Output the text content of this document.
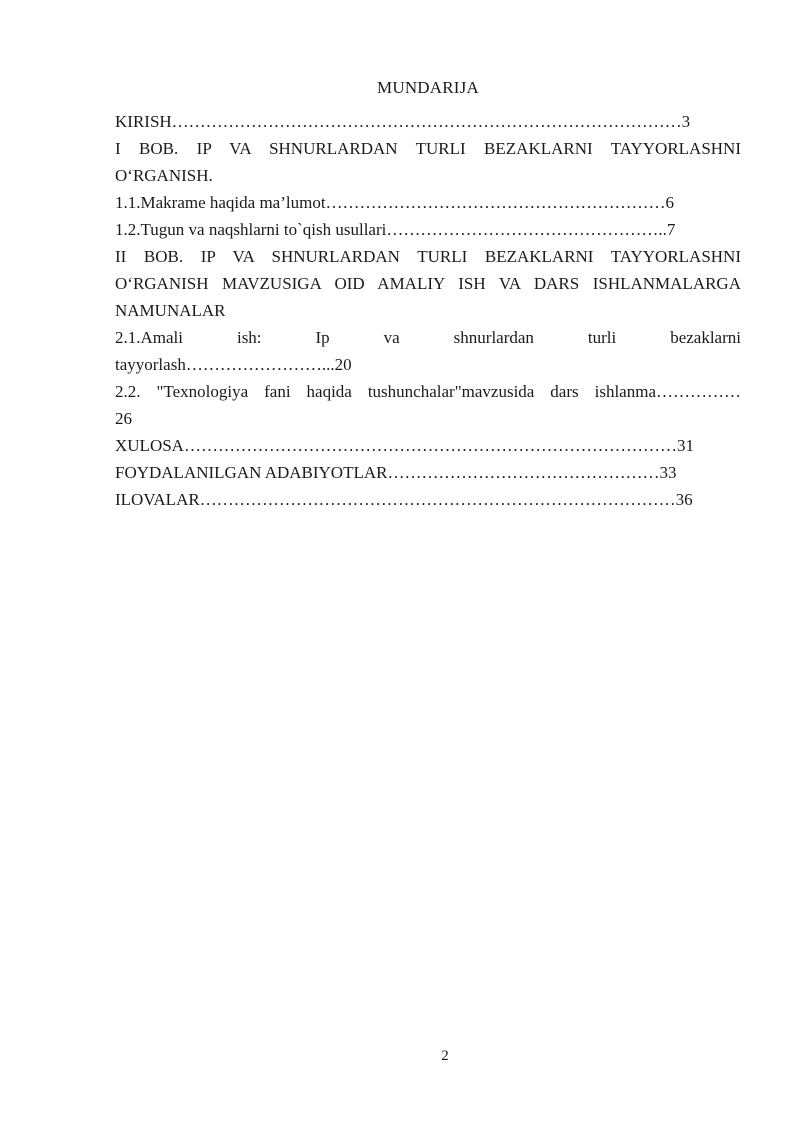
MUNDARIJA
KIRISH………………………………………………………………………………3
I BOB. IP VA SHNURLARDAN TURLI BEZAKLARNI TAYYORLASHNI
O‘RGANISH.
1.1.Makrame haqida ma’lumot……………………………………………………6
1.2.Tugun va naqshlarni to`qish usullari…………………………………………..7
II BOB. IP VA SHNURLARDAN TURLI BEZAKLARNI TAYYORLASHNI
O‘RGANISH MAVZUSIGA OID AMALIY ISH VA DARS ISHLANMALARGA
NAMUNALAR
2.1.Amali ish: Ip va shnurlardan turli bezaklarni
tayyorlash……………………...20
2.2. "Texnologiya fani haqida tushunchalar"mavzusida dars ishlanma……………
26
XULOSA……………………………………………………………………………31
FOYDALANILGAN ADABIYOTLAR…………………………………………33
ILOVALAR…………………………………………………………………………36
2
